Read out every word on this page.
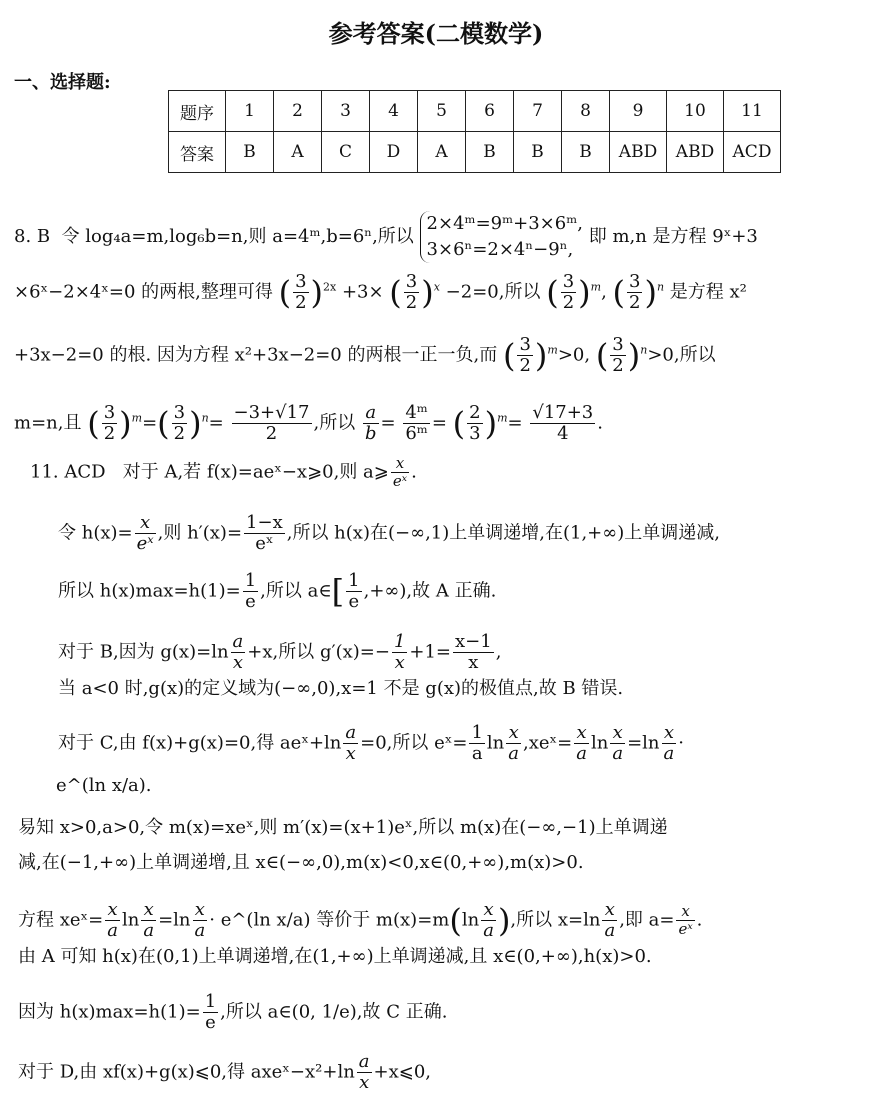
参考答案(二模数学)
一、选择题:
题序	1	2	3	4	5	6	7	8	9	10	11
答案	B	A	C	D	A	B	B	B	ABD	ABD	ACD
8. B 令 log₄a=m,log₆b=n,则 a=4ᵐ,b=6ⁿ,所以
2×4ᵐ=9ᵐ+3×6ᵐ,
3×6ⁿ=2×4ⁿ−9ⁿ,
即 m,n 是方程 9ˣ+3
×6ˣ−2×4ˣ=0 的两根,整理可得 ( $\frac{3}{2} )^{2x} +3\times$ ( $\frac{3}{2} )^x -2=0$,所以 ( $\frac{3}{2} )^m$, ( $\frac{3}{2} )^n$ 是方程 x²
+3x−2=0 的根. 因为方程 x²+3x−2=0 的两根一正一负,而 ( $\frac{3}{2} )^m>0$, ( $\frac{3}{2} )^n>0$,所以
m=n,且 ( $\frac{3}{2} )^m=( \frac{3}{2} )^n= \frac{-3+√17}{2}$ ,所以 $\frac{a}{b} = \frac{\text{4ᵐ}}{\text{6ᵐ}}$ = ( $\frac{2}{3} )^m= \frac{√17+3}{4}$ .
11. ACD 对于 A,若 f(x)=aeˣ−x⩾0,则 a⩾ $\frac{x}{\text{eˣ}}$ .
令 $h(x)= \frac{x}{\text{eˣ}}$ ,则 $h'(x)= \frac{1-x}{\text{eˣ}}$ ,所以 h(x)在(−∞,1)上单调递增,在(1,+∞)上单调递减,
所以 $h(x)\max=h(1)= \frac{1}{e}$ ,所以 a∈[ $\frac{1}{e}$ ,+∞),故 A 正确.
对于 B,因为 $g(x)=\ln \frac{a}{x} +x$,所以 $g'(x)=- \frac{1}{x} +1= \frac{x-1}{x}$ ,
当 a<0 时,g(x)的定义域为(−∞,0),x=1 不是 g(x)的极值点,故 B 错误.
对于 C,由 f(x)+g(x)=0,得 aeˣ+ln $\frac{a}{x} =0$,所以 eˣ= $\frac{1}{a}$ $\ln \frac{x}{a}$ ,xeˣ= $\frac{x}{a}$ $\ln \frac{x}{a} =\ln \frac{x}{a}$ ·
e^(ln x/a).
易知 x>0,a>0,令 m(x)=xeˣ,则 m′(x)=(x+1)eˣ,所以 m(x)在(−∞,−1)上单调递
减,在(−1,+∞)上单调递增,且 x∈(−∞,0),m(x)<0,x∈(0,+∞),m(x)>0.
方程 xeˣ= $\frac{x}{a}$ $\ln \frac{x}{a} =\ln \frac{x}{a}$ · e^(ln x/a) 等价于 $m(x)=m(\ln \frac{x}{a}$ ),所以 $x=\ln \frac{x}{a}$ ,即 $a= \frac{x}{\text{eˣ}}$ .
由 A 可知 h(x)在(0,1)上单调递增,在(1,+∞)上单调递减,且 x∈(0,+∞),h(x)>0.
因为 $h(x)\max=h(1)= \frac{1}{e}$ ,所以 a∈(0, 1/e),故 C 正确.
对于 D,由 xf(x)+g(x)⩽0,得 axeˣ−x²+ln $\frac{a}{x}$ +x⩽0,
